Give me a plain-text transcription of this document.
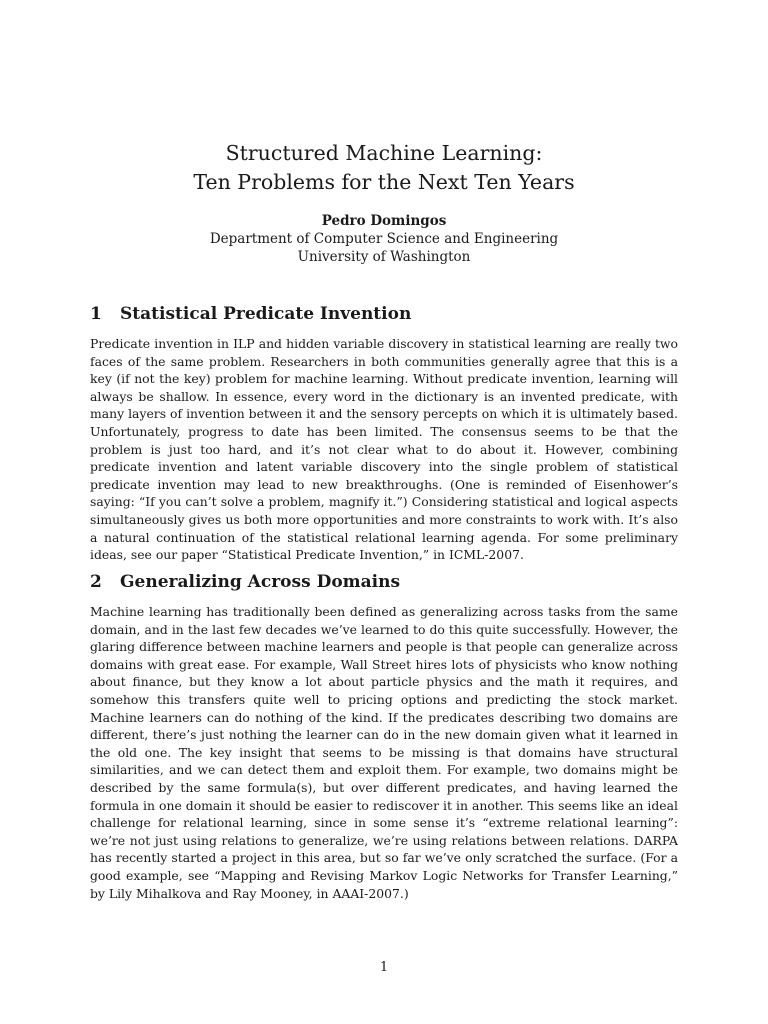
Structured Machine Learning:
Ten Problems for the Next Ten Years
Pedro Domingos
Department of Computer Science and Engineering
University of Washington
1 Statistical Predicate Invention

Predicate invention in ILP and hidden variable discovery in statistical learning are really two faces of the same problem. Researchers in both communities generally agree that this is a key (if not the key) problem for machine learning. Without predicate invention, learning will always be shallow. In essence, every word in the dictionary is an invented predicate, with many layers of invention between it and the sensory percepts on which it is ultimately based. Unfortunately, progress to date has been limited. The consensus seems to be that the problem is just too hard, and it’s not clear what to do about it. However, combining predicate invention and latent variable discovery into the single problem of statistical predicate invention may lead to new breakthroughs. (One is reminded of Eisenhower’s saying: “If you can’t solve a problem, magnify it.”) Considering statistical and logical aspects simultaneously gives us both more opportunities and more constraints to work with. It’s also a natural continuation of the statistical relational learning agenda. For some preliminary ideas, see our paper “Statistical Predicate Invention,” in ICML-2007.

2 Generalizing Across Domains

Machine learning has traditionally been defined as generalizing across tasks from the same domain, and in the last few decades we’ve learned to do this quite successfully. However, the glaring difference between machine learners and people is that people can generalize across domains with great ease. For example, Wall Street hires lots of physicists who know nothing about finance, but they know a lot about particle physics and the math it requires, and somehow this transfers quite well to pricing options and predicting the stock market. Machine learners can do nothing of the kind. If the predicates describing two domains are different, there’s just nothing the learner can do in the new domain given what it learned in the old one. The key insight that seems to be missing is that domains have structural similarities, and we can detect them and exploit them. For example, two domains might be described by the same formula(s), but over different predicates, and having learned the formula in one domain it should be easier to rediscover it in another. This seems like an ideal challenge for relational learning, since in some sense it’s “extreme relational learning”: we’re not just using relations to generalize, we’re using relations between relations. DARPA has recently started a project in this area, but so far we’ve only scratched the surface. (For a good example, see “Mapping and Revising Markov Logic Networks for Transfer Learning,” by Lily Mihalkova and Ray Mooney, in AAAI-2007.)

1
